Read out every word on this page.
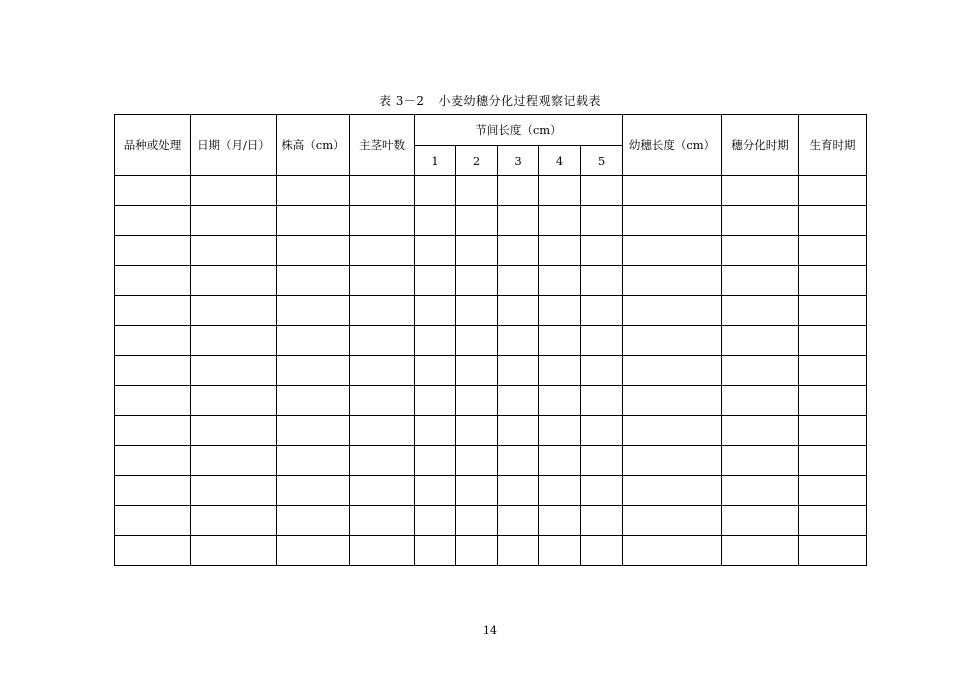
表 3－2 小麦幼穗分化过程观察记载表
品种或处理	日期（月/日）	株高（cm）	主茎叶数	节间长度（cm）					幼穗长度（cm）	穗分化时期	生育时期
				1	2	3	4	5			

14
